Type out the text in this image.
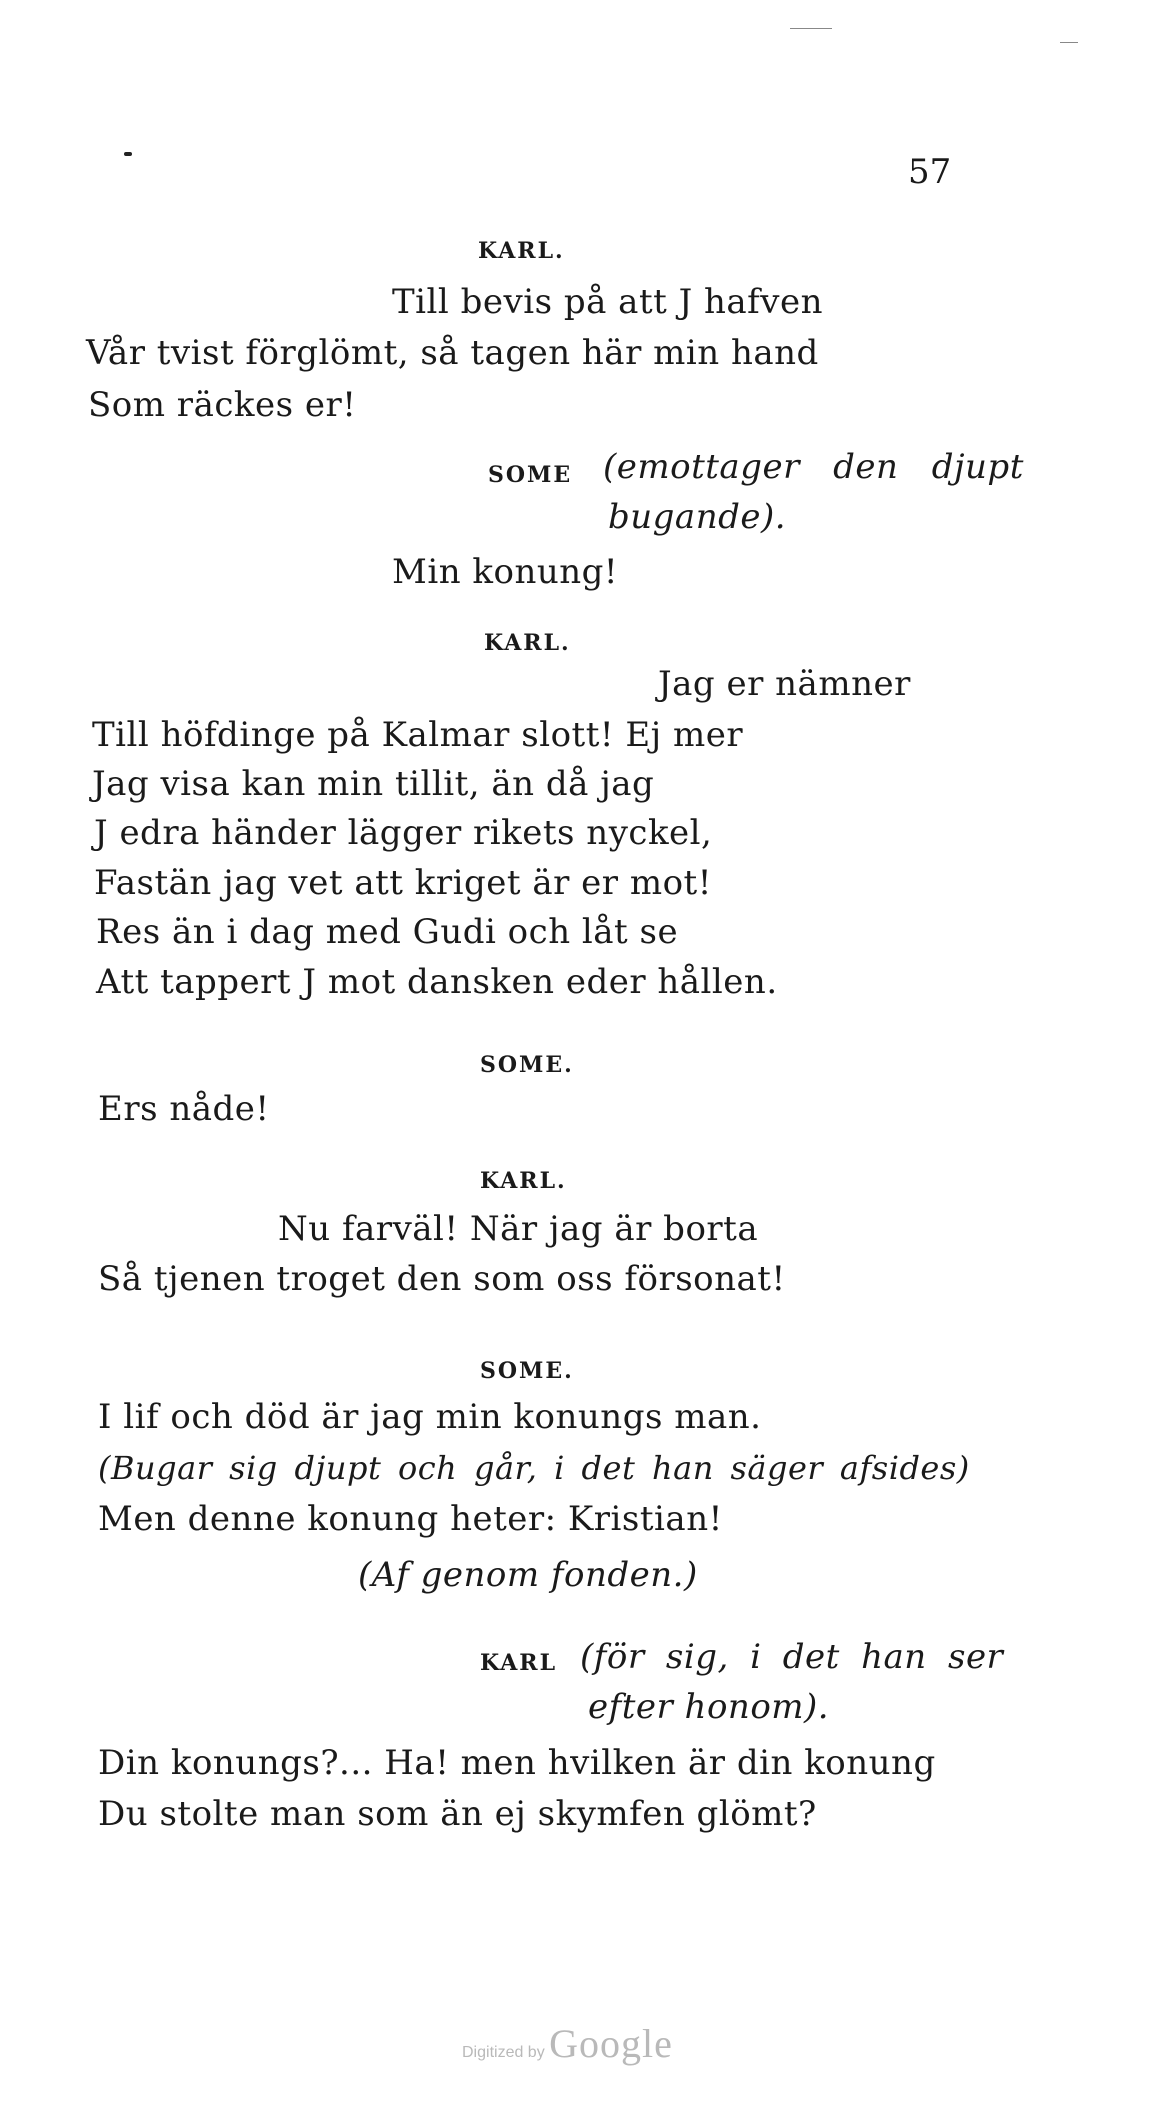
57
KARL.
Till bevis på att J hafven
Vår tvist förglömt, så tagen här min hand
Som räckes er!
SOME (emottager den djupt
bugande).
Min konung!
KARL.
Jag er nämner
Till höfdinge på Kalmar slott! Ej mer
Jag visa kan min tillit, än då jag
J edra händer lägger rikets nyckel,
Fastän jag vet att kriget är er mot!
Res än i dag med Gudi och låt se
Att tappert J mot dansken eder hållen.
SOME.
Ers nåde!
KARL.
Nu farväl! När jag är borta
Så tjenen troget den som oss försonat!
SOME.
I lif och död är jag min konungs man.
(Bugar sig djupt och går, i det han säger afsides)
Men denne konung heter: Kristian!
(Af genom fonden.)
KARL (för sig, i det han ser
efter honom).
Din konungs?... Ha! men hvilken är din konung
Du stolte man som än ej skymfen glömt?
Digitized by Google
